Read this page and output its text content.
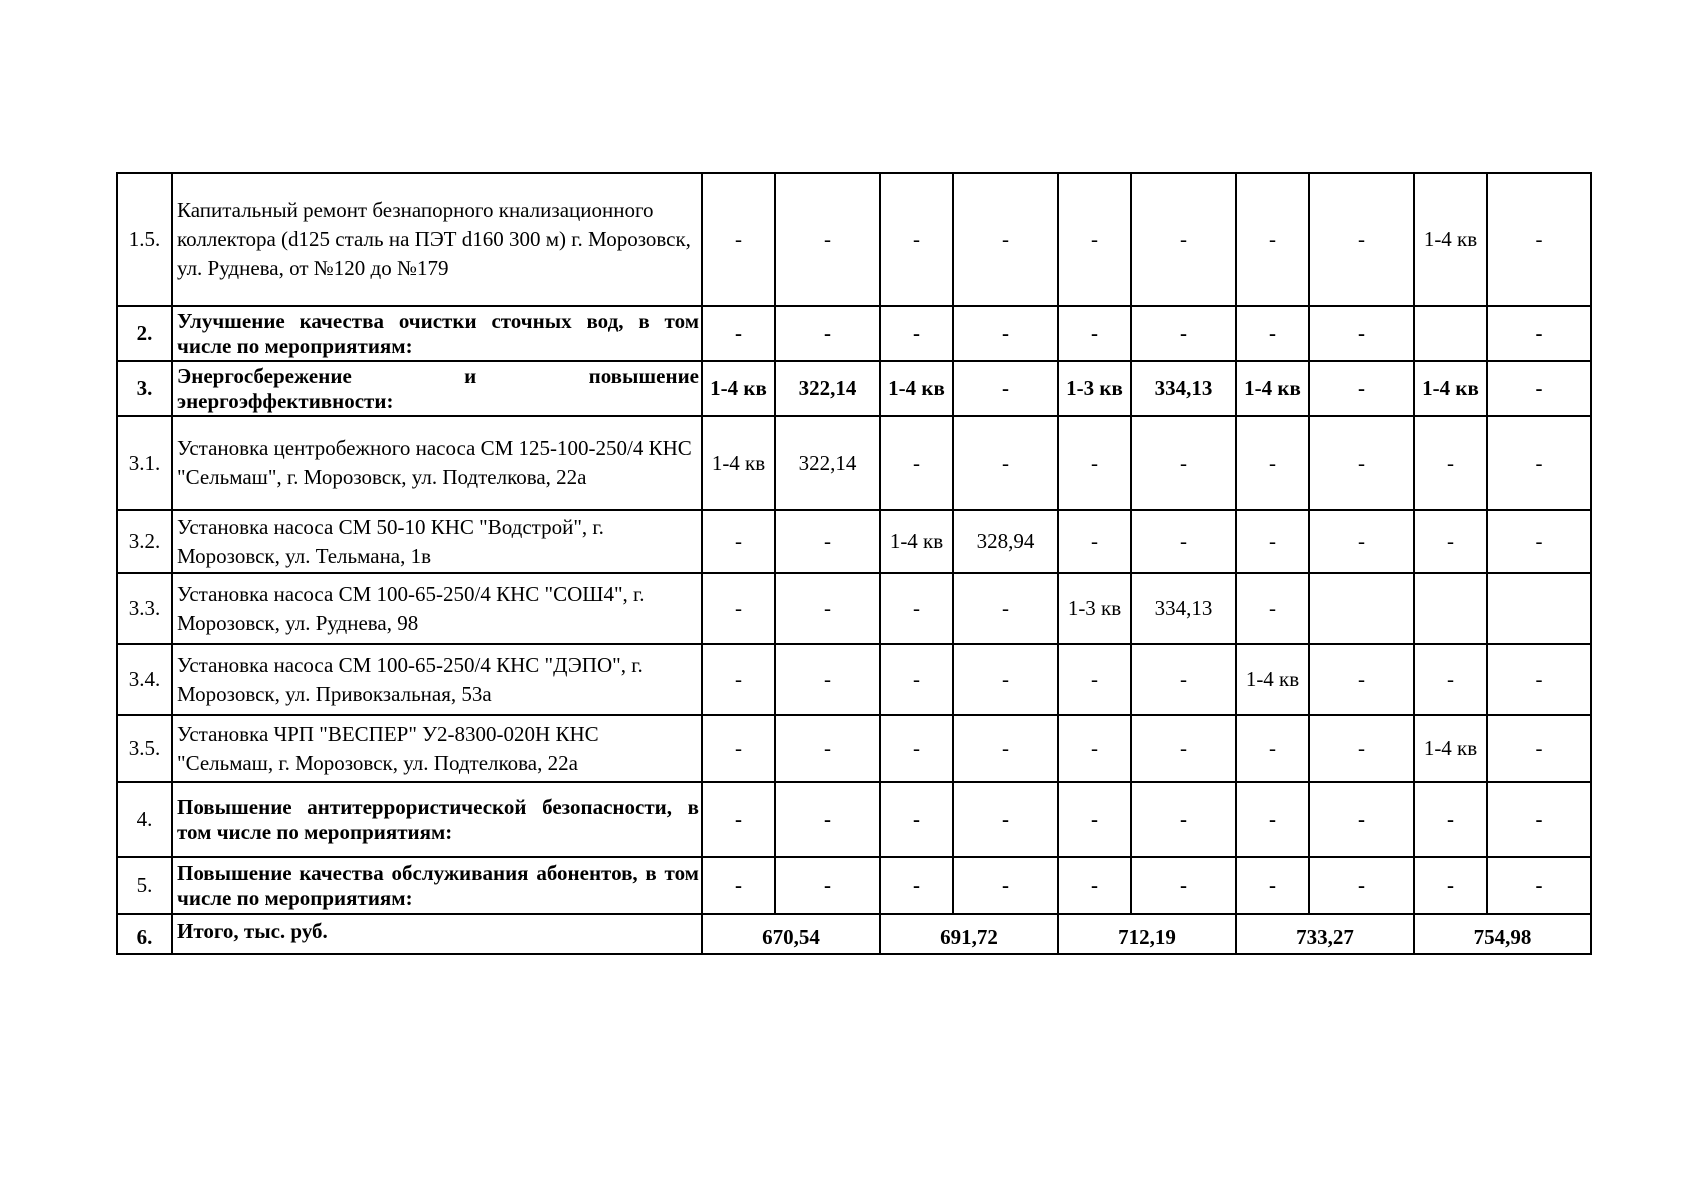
1.5.	Капитальный ремонт безнапорного кнализационного коллектора (d125 сталь на ПЭТ d160 300 м) г. Морозовск, ул. Руднева, от №120 до №179	-	-	-	-	-	-	-	-	1-4 кв	-
2.	Улучшение качества очистки сточных вод, в том числе по мероприятиям:	-	-	-	-	-	-	-	-		-
3.	Энергосбережение и повышение энергоэффективности:	1-4 кв	322,14	1-4 кв	-	1-3 кв	334,13	1-4 кв	-	1-4 кв	-
3.1.	Установка центробежного насоса СМ 125-100-250/4 КНС "Сельмаш", г. Морозовск, ул. Подтелкова, 22а	1-4 кв	322,14	-	-	-	-	-	-	-	-
3.2.	Установка насоса СМ 50-10 КНС "Водстрой", г. Морозовск, ул. Тельмана, 1в	-	-	1-4 кв	328,94	-	-	-	-	-	-
3.3.	Установка насоса СМ 100-65-250/4 КНС "СОШ4", г. Морозовск, ул. Руднева, 98	-	-	-	-	1-3 кв	334,13	-			
3.4.	Установка насоса СМ 100-65-250/4 КНС "ДЭПО", г. Морозовск, ул. Привокзальная, 53а	-	-	-	-	-	-	1-4 кв	-	-	-
3.5.	Установка ЧРП "ВЕСПЕР" У2-8300-020Н КНС "Сельмаш, г. Морозовск, ул. Подтелкова, 22а	-	-	-	-	-	-	-	-	1-4 кв	-
4.	Повышение антитеррористической безопасности, в том числе по мероприятиям:	-	-	-	-	-	-	-	-	-	-
5.	Повышение качества обслуживания абонентов, в том числе по мероприятиям:	-	-	-	-	-	-	-	-	-	-
6.	Итого, тыс. руб.	670,54		691,72		712,19		733,27		754,98	
